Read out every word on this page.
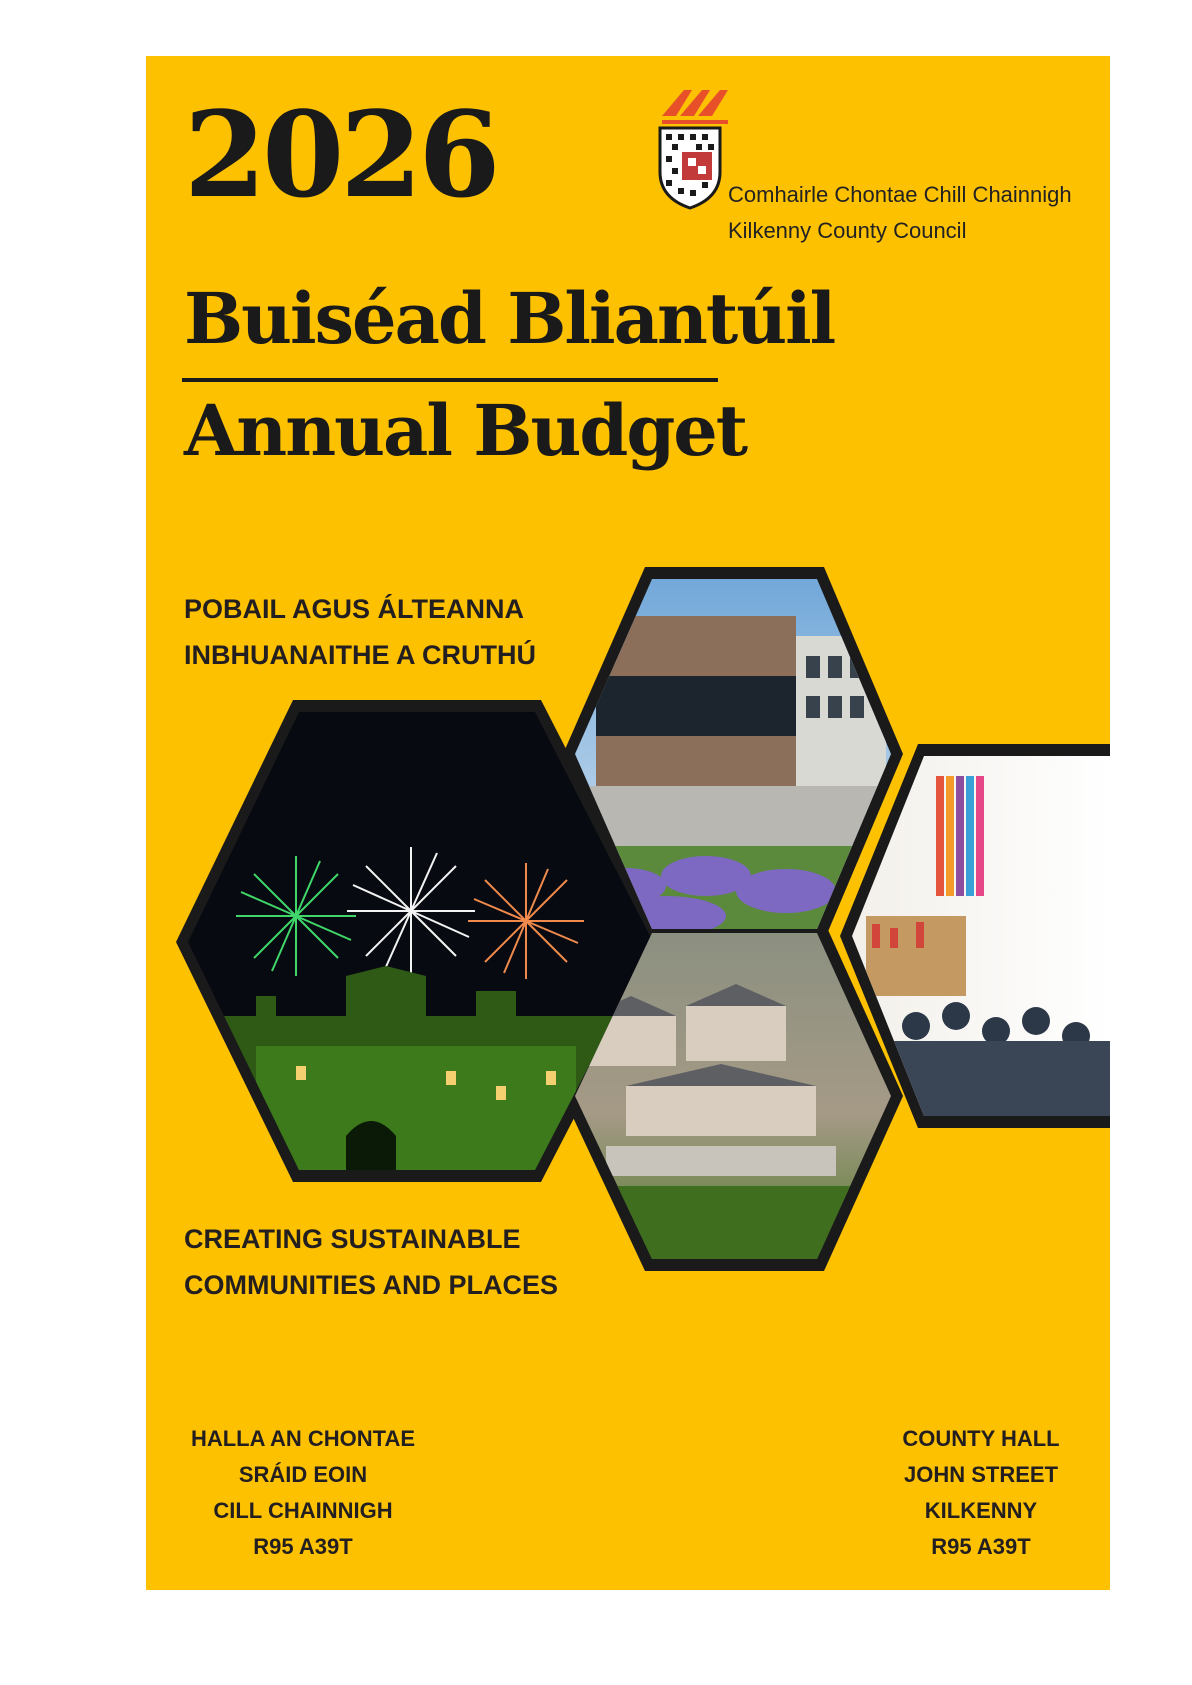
2026
Buiséad Bliantúil
Annual Budget
Comhairle Chontae Chill Chainnigh
Kilkenny County Council
POBAIL AGUS ÁLTEANNA
INBHUANAITHE A CRUTHÚ
CREATING SUSTAINABLE
COMMUNITIES AND PLACES
HALLA AN CHONTAE
SRÁID EOIN
CILL CHAINNIGH
R95 A39T
COUNTY HALL
JOHN STREET
KILKENNY
R95 A39T
